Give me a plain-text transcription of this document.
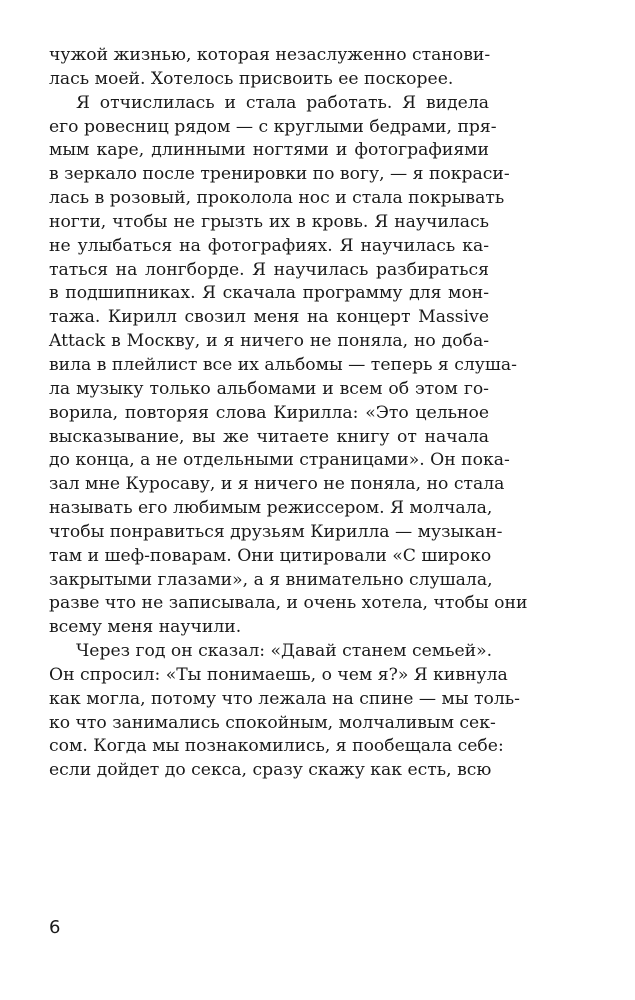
чужой жизнью, которая незаслуженно станови-
лась моей. Хотелось присвоить ее поскорее.
Я отчислилась и стала работать. Я видела
его ровесниц рядом — с круглыми бедрами, пря-
мым каре, длинными ногтями и фотографиями
в зеркало после тренировки по вогу, — я покраси-
лась в розовый, проколола нос и стала покрывать
ногти, чтобы не грызть их в кровь. Я научилась
не улыбаться на фотографиях. Я научилась ка-
таться на лонгборде. Я научилась разбираться
в подшипниках. Я скачала программу для мон-
тажа. Кирилл свозил меня на концерт Massive
Attack в Москву, и я ничего не поняла, но доба-
вила в плейлист все их альбомы — теперь я слуша-
ла музыку только альбомами и всем об этом го-
ворила, повторяя слова Кирилла: «Это цельное
высказывание, вы же читаете книгу от начала
до конца, а не отдельными страницами». Он пока-
зал мне Куросаву, и я ничего не поняла, но стала
называть его любимым режиссером. Я молчала,
чтобы понравиться друзьям Кирилла — музыкан-
там и шеф-поварам. Они цитировали «С широко
закрытыми глазами», а я внимательно слушала,
разве что не записывала, и очень хотела, чтобы они
всему меня научили.
Через год он сказал: «Давай станем семьей».
Он спросил: «Ты понимаешь, о чем я?» Я кивнула
как могла, потому что лежала на спине — мы толь-
ко что занимались спокойным, молчаливым сек-
сом. Когда мы познакомились, я пообещала себе:
если дойдет до секса, сразу скажу как есть, всю
6
